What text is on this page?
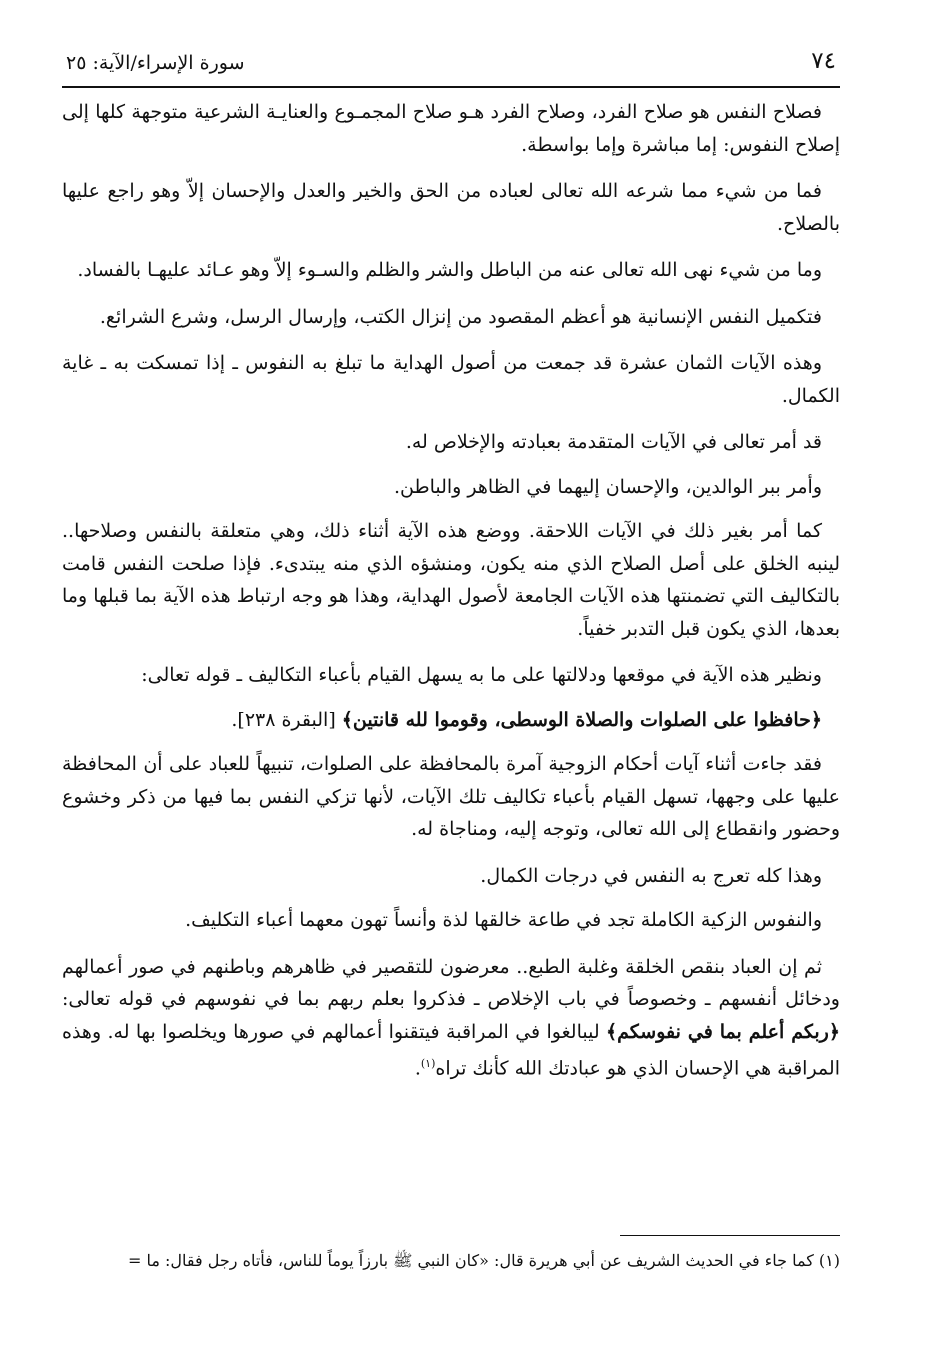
٧٤
سورة الإسراء/الآية: ٢٥

فصلاح النفس هو صلاح الفرد، وصلاح الفرد هـو صلاح المجمـوع والعنايـة الشرعية متوجهة كلها إلى إصلاح النفوس: إما مباشرة وإما بواسطة.

فما من شيء مما شرعه الله تعالى لعباده من الحق والخير والعدل والإحسان إلاّ وهو راجع عليها بالصلاح.

وما من شيء نهى الله تعالى عنه من الباطل والشر والظلم والسـوء إلاّ وهو عـائد عليهـا بالفساد.

فتكميل النفس الإنسانية هو أعظم المقصود من إنزال الكتب، وإرسال الرسل، وشرع الشرائع.

وهذه الآيات الثمان عشرة قد جمعت من أصول الهداية ما تبلغ به النفوس ـ إذا تمسكت به ـ غاية الكمال.

قد أمر تعالى في الآيات المتقدمة بعبادته والإخلاص له.

وأمر ببر الوالدين، والإحسان إليهما في الظاهر والباطن.

كما أمر بغير ذلك في الآيات اللاحقة. ووضع هذه الآية أثناء ذلك، وهي متعلقة بالنفس وصلاحها.. لينبه الخلق على أصل الصلاح الذي منه يكون، ومنشؤه الذي منه يبتدىء. فإذا صلحت النفس قامت بالتكاليف التي تضمنتها هذه الآيات الجامعة لأصول الهداية، وهذا هو وجه ارتباط هذه الآية بما قبلها وما بعدها، الذي يكون قبل التدبر خفياً.

ونظير هذه الآية في موقعها ودلالتها على ما به يسهل القيام بأعباء التكاليف ـ قوله تعالى:

﴿حافظوا على الصلوات والصلاة الوسطى، وقوموا لله قانتين﴾ [البقرة ٢٣٨].

فقد جاءت أثناء آيات أحكام الزوجية آمرة بالمحافظة على الصلوات، تنبيهاً للعباد على أن المحافظة عليها على وجهها، تسهل القيام بأعباء تكاليف تلك الآيات، لأنها تزكي النفس بما فيها من ذكر وخشوع وحضور وانقطاع إلى الله تعالى، وتوجه إليه، ومناجاة له.

وهذا كله تعرج به النفس في درجات الكمال.

والنفوس الزكية الكاملة تجد في طاعة خالقها لذة وأنساً تهون معهما أعباء التكليف.

ثم إن العباد بنقص الخلقة وغلبة الطبع.. معرضون للتقصير في ظاهرهم وباطنهم في صور أعمالهم ودخائل أنفسهم ـ وخصوصاً في باب الإخلاص ـ فذكروا بعلم ربهم بما في نفوسهم في قوله تعالى: ﴿ربكم أعلم بما في نفوسكم﴾ ليبالغوا في المراقبة فيتقنوا أعمالهم في صورها ويخلصوا بها له. وهذه المراقبة هي الإحسان الذي هو عبادتك الله كأنك تراه$^{(١)}$.

(١) كما جاء في الحديث الشريف عن أبي هريرة قال: «كان النبي ﷺ بارزاً يوماً للناس، فأتاه رجل فقال: ما =
